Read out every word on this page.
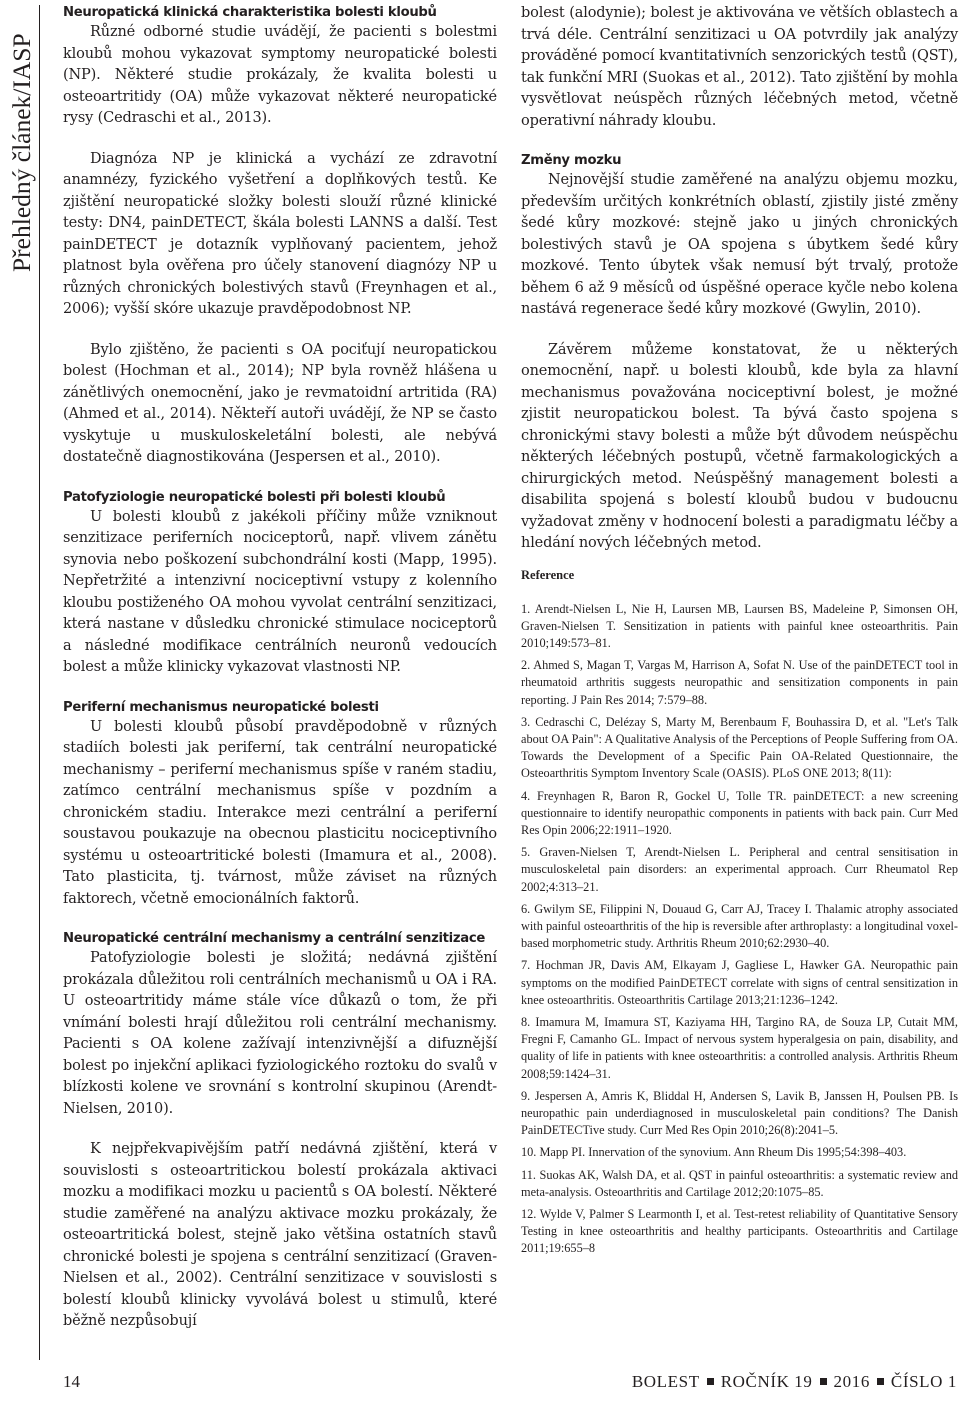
Přehledný článek/IASP
Neuropatická klinická charakteristika bolesti kloubů

Různé odborné studie uvádějí, že pacienti s bolestmi kloubů mohou vykazovat symptomy neuropatické bolesti (NP). Některé studie prokázaly, že kvalita bolesti u osteoartritidy (OA) může vykazovat některé neuropatické rysy (Cedraschi et al., 2013).

Diagnóza NP je klinická a vychází ze zdravotní anamnézy, fyzického vyšetření a doplňkových testů. Ke zjištění neuropatické složky bolesti slouží různé klinické testy: DN4, painDETECT, škála bolesti LANNS a další. Test painDETECT je dotazník vyplňovaný pacientem, jehož platnost byla ověřena pro účely stanovení diagnózy NP u různých chronických bolestivých stavů (Freynhagen et al., 2006); vyšší skóre ukazuje pravděpodobnost NP.

Bylo zjištěno, že pacienti s OA pociťují neuropatickou bolest (Hochman et al., 2014); NP byla rovněž hlášena u zánětlivých onemocnění, jako je revmatoidní artritida (RA) (Ahmed et al., 2014). Někteří autoři uvádějí, že NP se často vyskytuje u muskuloskeletální bolesti, ale nebývá dostatečně diagnostikována (Jespersen et al., 2010).

Patofyziologie neuropatické bolesti při bolesti kloubů

U bolesti kloubů z jakékoli příčiny může vzniknout senzitizace periferních nociceptorů, např. vlivem zánětu synovia nebo poškození subchondrální kosti (Mapp, 1995). Nepřetržité a intenzivní nociceptivní vstupy z kolenního kloubu postiženého OA mohou vyvolat centrální senzitizaci, která nastane v důsledku chronické stimulace nociceptorů a následné modifikace centrálních neuronů vedoucích bolest a může klinicky vykazovat vlastnosti NP.

Periferní mechanismus neuropatické bolesti

U bolesti kloubů působí pravděpodobně v různých stadiích bolesti jak periferní, tak centrální neuropatické mechanismy – periferní mechanismus spíše v raném stadiu, zatímco centrální mechanismus spíše v pozdním a chronickém stadiu. Interakce mezi centrální a periferní soustavou poukazuje na obecnou plasticitu nociceptivního systému u osteoartritické bolesti (Imamura et al., 2008). Tato plasticita, tj. tvárnost, může záviset na různých faktorech, včetně emocionálních faktorů.

Neuropatické centrální mechanismy a centrální senzitizace

Patofyziologie bolesti je složitá; nedávná zjištění prokázala důležitou roli centrálních mechanismů u OA i RA. U osteoartritidy máme stále více důkazů o tom, že při vnímání bolesti hrají důležitou roli centrální mechanismy. Pacienti s OA kolene zažívají intenzivnější a difuznější bolest po injekční aplikaci fyziologického roztoku do svalů v blízkosti kolene ve srovnání s kontrolní skupinou (Arendt-Nielsen, 2010).

K nejpřekvapivějším patří nedávná zjištění, která v souvislosti s osteoartritickou bolestí prokázala aktivaci mozku a modifikaci mozku u pacientů s OA bolestí. Některé studie zaměřené na analýzu aktivace mozku prokázaly, že osteoartritická bolest, stejně jako většina ostatních stavů chronické bolesti je spojena s centrální senzitizací (Graven-Nielsen et al., 2002). Centrální senzitizace v souvislosti s bolestí kloubů klinicky vyvolává bolest u stimulů, které běžně nezpůsobují

bolest (alodynie); bolest je aktivována ve větších oblastech a trvá déle. Centrální senzitizaci u OA potvrdily jak analýzy prováděné pomocí kvantitativních senzorických testů (QST), tak funkční MRI (Suokas et al., 2012). Tato zjištění by mohla vysvětlovat neúspěch různých léčebných metod, včetně operativní náhrady kloubu.

Změny mozku

Nejnovější studie zaměřené na analýzu objemu mozku, především určitých konkrétních oblastí, zjistily jisté změny šedé kůry mozkové: stejně jako u jiných chronických bolestivých stavů je OA spojena s úbytkem šedé kůry mozkové. Tento úbytek však nemusí být trvalý, protože během 6 až 9 měsíců od úspěšné operace kyčle nebo kolena nastává regenerace šedé kůry mozkové (Gwylin, 2010).

Závěrem můžeme konstatovat, že u některých onemocnění, např. u bolesti kloubů, kde byla za hlavní mechanismus považována nociceptivní bolest, je možné zjistit neuropatickou bolest. Ta bývá často spojena s chronickými stavy bolesti a může být důvodem neúspěchu některých léčebných postupů, včetně farmakologických a chirurgických metod. Neúspěšný management bolesti a disabilita spojená s bolestí kloubů budou v budoucnu vyžadovat změny v hodnocení bolesti a paradigmatu léčby a hledání nových léčebných metod.

Reference
1. Arendt-Nielsen L, Nie H, Laursen MB, Laursen BS, Madeleine P, Simonsen OH, Graven-Nielsen T. Sensitization in patients with painful knee osteoarthritis. Pain 2010;149:573–81.
2. Ahmed S, Magan T, Vargas M, Harrison A, Sofat N. Use of the painDETECT tool in rheumatoid arthritis suggests neuropathic and sensitization components in pain reporting. J Pain Res 2014; 7:579–88.
3. Cedraschi C, Delézay S, Marty M, Berenbaum F, Bouhassira D, et al. "Let's Talk about OA Pain": A Qualitative Analysis of the Perceptions of People Suffering from OA. Towards the Development of a Specific Pain OA-Related Questionnaire, the Osteoarthritis Symptom Inventory Scale (OASIS). PLoS ONE 2013; 8(11):
4. Freynhagen R, Baron R, Gockel U, Tolle TR. painDETECT: a new screening questionnaire to identify neuropathic components in patients with back pain. Curr Med Res Opin 2006;22:1911–1920.
5. Graven-Nielsen T, Arendt-Nielsen L. Peripheral and central sensitisation in musculoskeletal pain disorders: an experimental approach. Curr Rheumatol Rep 2002;4:313–21.
6. Gwilym SE, Filippini N, Douaud G, Carr AJ, Tracey I. Thalamic atrophy associated with painful osteoarthritis of the hip is reversible after arthroplasty: a longitudinal voxel-based morphometric study. Arthritis Rheum 2010;62:2930–40.
7. Hochman JR, Davis AM, Elkayam J, Gagliese L, Hawker GA. Neuropathic pain symptoms on the modified PainDETECT correlate with signs of central sensitization in knee osteoarthritis. Osteoarthritis Cartilage 2013;21:1236–1242.
8. Imamura M, Imamura ST, Kaziyama HH, Targino RA, de Souza LP, Cutait MM, Fregni F, Camanho GL. Impact of nervous system hyperalgesia on pain, disability, and quality of life in patients with knee osteoarthritis: a controlled analysis. Arthritis Rheum 2008;59:1424–31.
9. Jespersen A, Amris K, Bliddal H, Andersen S, Lavik B, Janssen H, Poulsen PB. Is neuropathic pain underdiagnosed in musculoskeletal pain conditions? The Danish PainDETECTive study. Curr Med Res Opin 2010;26(8):2041–5.
10. Mapp PI. Innervation of the synovium. Ann Rheum Dis 1995;54:398–403.
11. Suokas AK, Walsh DA, et al. QST in painful osteoarthritis: a systematic review and meta-analysis. Osteoarthritis and Cartilage 2012;20:1075–85.
12. Wylde V, Palmer S Learmonth I, et al. Test-retest reliability of Quantitative Sensory Testing in knee osteoarthritis and healthy participants. Osteoarthritis and Cartilage 2011;19:655–8
14	BOLEST ROČNÍK 19 2016 ČÍSLO 1
